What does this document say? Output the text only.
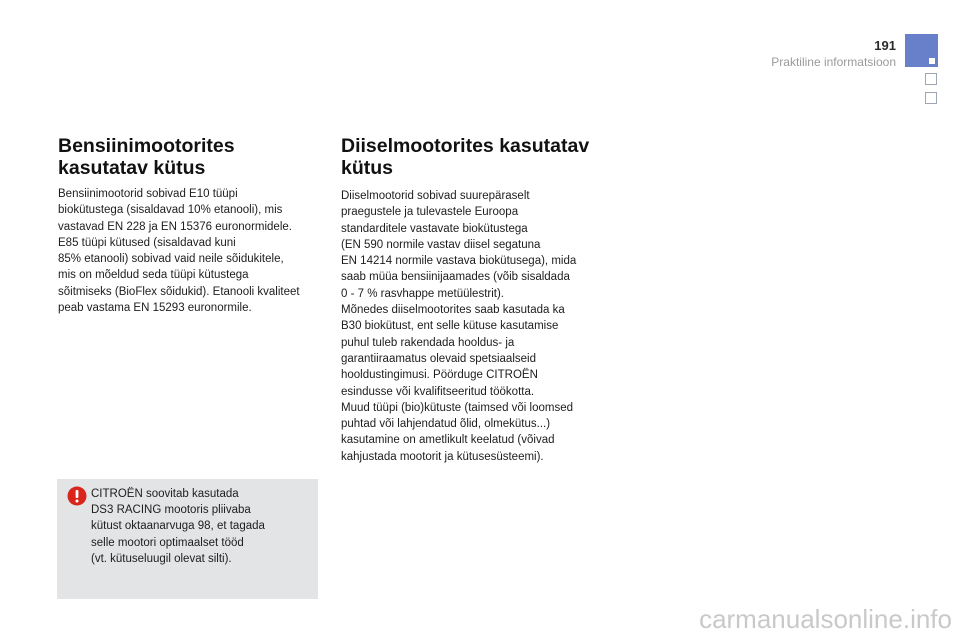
191
Praktiline informatsioon
Bensiinimootorites
kasutatav kütus
Bensiinimootorid sobivad E10 tüüpi
biokütustega (sisaldavad 10% etanooli), mis
vastavad EN 228 ja EN 15376 euronormidele.
E85 tüüpi kütused (sisaldavad kuni
85% etanooli) sobivad vaid neile sõidukitele,
mis on mõeldud seda tüüpi kütustega
sõitmiseks (BioFlex sõidukid). Etanooli kvaliteet
peab vastama EN 15293 euronormile.
CITROËN soovitab kasutada
DS3 RACING mootoris pliivaba
kütust oktaanarvuga 98, et tagada
selle mootori optimaalset tööd
(vt. kütuseluugil olevat silti).
Diiselmootorites kasutatav
kütus
Diiselmootorid sobivad suurepäraselt
praegustele ja tulevastele Euroopa
standarditele vastavate biokütustega
(EN 590 normile vastav diisel segatuna
EN 14214 normile vastava biokütusega), mida
saab müüa bensiinijaamades (võib sisaldada
0 - 7 % rasvhappe metüülestrit).
Mõnedes diiselmootorites saab kasutada ka
B30 biokütust, ent selle kütuse kasutamise
puhul tuleb rakendada hooldus- ja
garantiiraamatus olevaid spetsiaalseid
hooldustingimusi. Pöörduge CITROËN
esindusse või kvalifitseeritud töökotta.
Muud tüüpi (bio)kütuste (taimsed või loomsed
puhtad või lahjendatud õlid, olmekütus...)
kasutamine on ametlikult keelatud (võivad
kahjustada mootorit ja kütusesüsteemi).
carmanualsonline.info
